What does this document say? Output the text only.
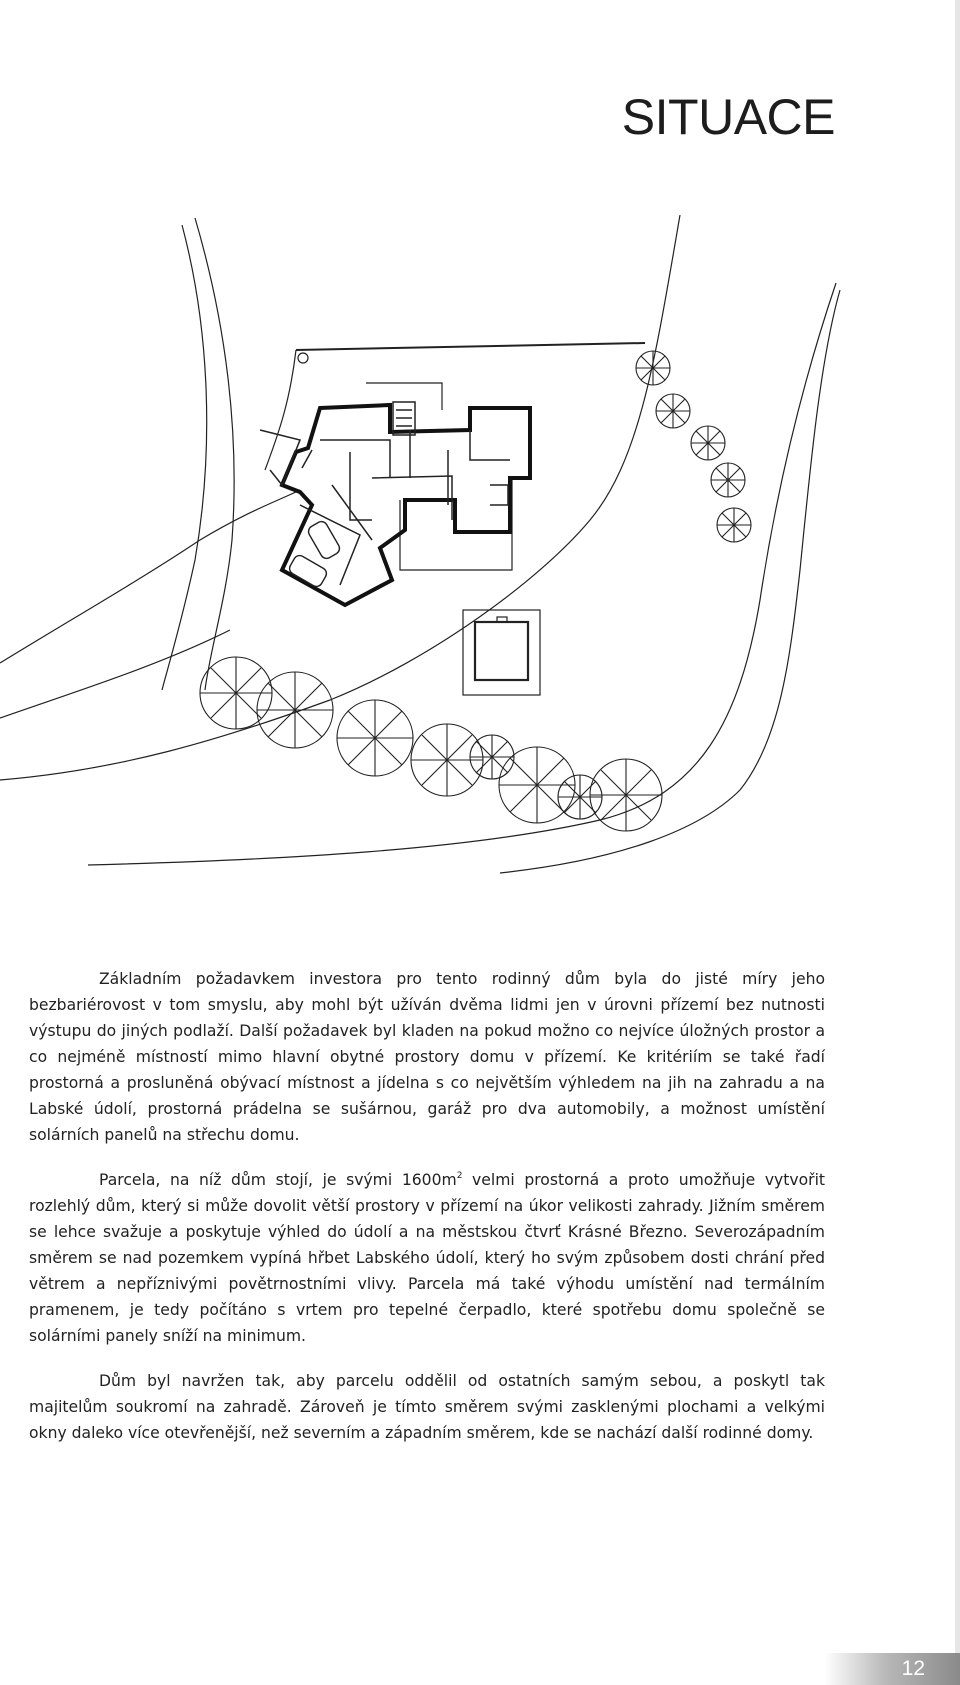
SITUACE

Základním požadavkem investora pro tento rodinný dům byla do jisté míry jeho bezbariérovost v tom smyslu, aby mohl být užíván dvěma lidmi jen v úrovni přízemí bez nutnosti výstupu do jiných podlaží. Další požadavek byl kladen na pokud možno co nejvíce úložných prostor a co nejméně místností mimo hlavní obytné prostory domu v přízemí. Ke kritériím se také řadí prostorná a prosluněná obývací místnost a jídelna s co největším výhledem na jih na zahradu a na Labské údolí, prostorná prádelna se sušárnou, garáž pro dva automobily, a možnost umístění solárních panelů na střechu domu.

Parcela, na níž dům stojí, je svými $1600m^2$ velmi prostorná a proto umožňuje vytvořit rozlehlý dům, který si může dovolit větší prostory v přízemí na úkor velikosti zahrady. Jižním směrem se lehce svažuje a poskytuje výhled do údolí a na městskou čtvrť Krásné Březno. Severozápadním směrem se nad pozemkem vypíná hřbet Labského údolí, který ho svým způsobem dosti chrání před větrem a nepříznivými povětrnostními vlivy. Parcela má také výhodu umístění nad termálním pramenem, je tedy počítáno s vrtem pro tepelné čerpadlo, které spotřebu domu společně se solárními panely sníží na minimum.

Dům byl navržen tak, aby parcelu oddělil od ostatních samým sebou, a poskytl tak majitelům soukromí na zahradě. Zároveň je tímto směrem svými zasklenými plochami a velkými okny daleko více otevřenější, než severním a západním směrem, kde se nachází další rodinné domy.

12
